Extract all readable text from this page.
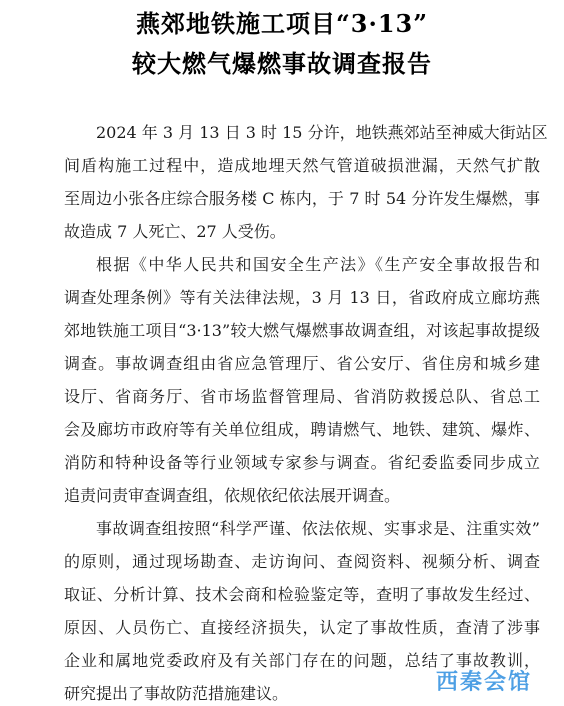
燕郊地铁施工项目“3·13”
较大燃气爆燃事故调查报告
2024 年 3 月 13 日 3 时 15 分许，地铁燕郊站至神威大街站区
间盾构施工过程中，造成地埋天然气管道破损泄漏，天然气扩散
至周边小张各庄综合服务楼 C 栋内，于 7 时 54 分许发生爆燃，事
故造成 7 人死亡、27 人受伤。
根据《中华人民共和国安全生产法》《生产安全事故报告和
调查处理条例》等有关法律法规，3 月 13 日，省政府成立廊坊燕
郊地铁施工项目“3·13”较大燃气爆燃事故调查组，对该起事故提级
调查。事故调查组由省应急管理厅、省公安厅、省住房和城乡建
设厅、省商务厅、省市场监督管理局、省消防救援总队、省总工
会及廊坊市政府等有关单位组成，聘请燃气、地铁、建筑、爆炸、
消防和特种设备等行业领域专家参与调查。省纪委监委同步成立
追责问责审查调查组，依规依纪依法展开调查。
事故调查组按照“科学严谨、依法依规、实事求是、注重实效”
的原则，通过现场勘查、走访询问、查阅资料、视频分析、调查
取证、分析计算、技术会商和检验鉴定等，查明了事故发生经过、
原因、人员伤亡、直接经济损失，认定了事故性质，查清了涉事
企业和属地党委政府及有关部门存在的问题，总结了事故教训，
研究提出了事故防范措施建议。	西秦会馆
